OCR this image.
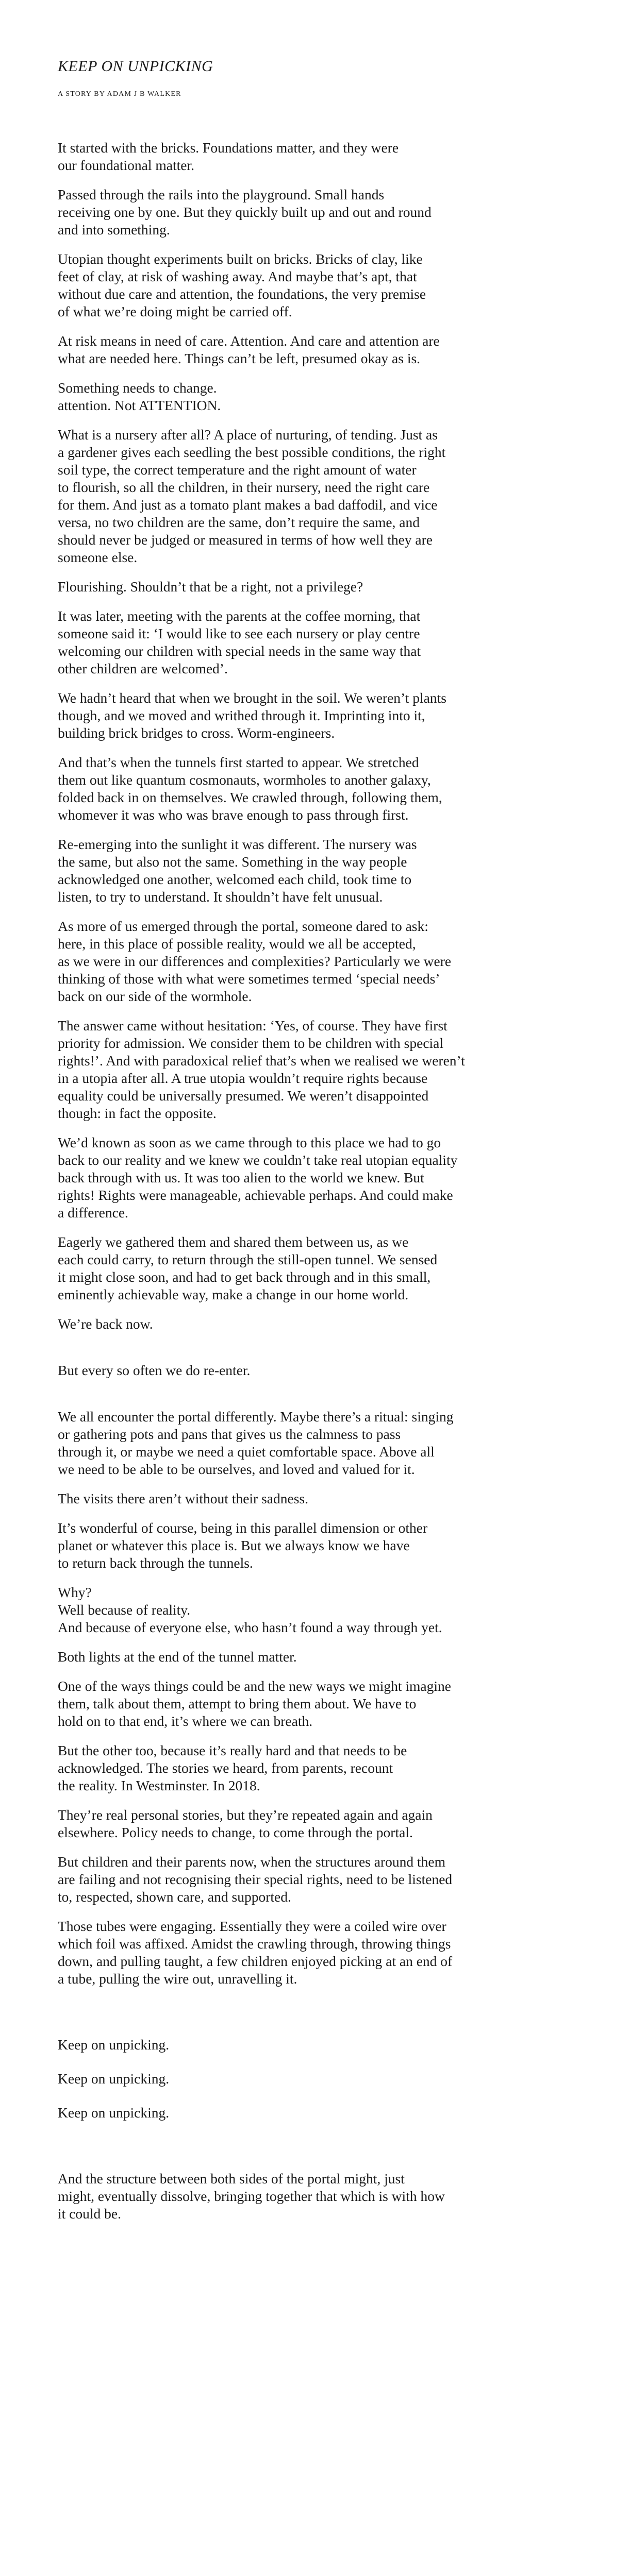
KEEP ON UNPICKING
A STORY BY ADAM J B WALKER

It started with the bricks. Foundations matter, and they were
our foundational matter.

Passed through the rails into the playground. Small hands
receiving one by one. But they quickly built up and out and round
and into something.

Utopian thought experiments built on bricks. Bricks of clay, like
feet of clay, at risk of washing away. And maybe that’s apt, that
without due care and attention, the foundations, the very premise
of what we’re doing might be carried off.

At risk means in need of care. Attention. And care and attention are
what are needed here. Things can’t be left, presumed okay as is.

Something needs to change.
attention. Not ATTENTION.

What is a nursery after all? A place of nurturing, of tending. Just as
a gardener gives each seedling the best possible conditions, the right
soil type, the correct temperature and the right amount of water
to flourish, so all the children, in their nursery, need the right care
for them. And just as a tomato plant makes a bad daffodil, and vice
versa, no two children are the same, don’t require the same, and
should never be judged or measured in terms of how well they are
someone else.

Flourishing. Shouldn’t that be a right, not a privilege?

It was later, meeting with the parents at the coffee morning, that
someone said it: ‘I would like to see each nursery or play centre
welcoming our children with special needs in the same way that
other children are welcomed’.

We hadn’t heard that when we brought in the soil. We weren’t plants
though, and we moved and writhed through it. Imprinting into it,
building brick bridges to cross. Worm-engineers.

And that’s when the tunnels first started to appear. We stretched
them out like quantum cosmonauts, wormholes to another galaxy,
folded back in on themselves. We crawled through, following them,
whomever it was who was brave enough to pass through first.

Re-emerging into the sunlight it was different. The nursery was
the same, but also not the same. Something in the way people
acknowledged one another, welcomed each child, took time to
listen, to try to understand. It shouldn’t have felt unusual.

As more of us emerged through the portal, someone dared to ask:
here, in this place of possible reality, would we all be accepted,
as we were in our differences and complexities? Particularly we were
thinking of those with what were sometimes termed ‘special needs’
back on our side of the wormhole.

The answer came without hesitation: ‘Yes, of course. They have first
priority for admission. We consider them to be children with special
rights!’. And with paradoxical relief that’s when we realised we weren’t
in a utopia after all. A true utopia wouldn’t require rights because
equality could be universally presumed. We weren’t disappointed
though: in fact the opposite.

We’d known as soon as we came through to this place we had to go
back to our reality and we knew we couldn’t take real utopian equality
back through with us. It was too alien to the world we knew. But
rights! Rights were manageable, achievable perhaps. And could make
a difference.

Eagerly we gathered them and shared them between us, as we
each could carry, to return through the still-open tunnel. We sensed
it might close soon, and had to get back through and in this small,
eminently achievable way, make a change in our home world.

We’re back now.

But every so often we do re-enter.

We all encounter the portal differently. Maybe there’s a ritual: singing
or gathering pots and pans that gives us the calmness to pass
through it, or maybe we need a quiet comfortable space. Above all
we need to be able to be ourselves, and loved and valued for it.

The visits there aren’t without their sadness.

It’s wonderful of course, being in this parallel dimension or other
planet or whatever this place is. But we always know we have
to return back through the tunnels.

Why?
Well because of reality.
And because of everyone else, who hasn’t found a way through yet.

Both lights at the end of the tunnel matter.

One of the ways things could be and the new ways we might imagine
them, talk about them, attempt to bring them about. We have to
hold on to that end, it’s where we can breath.

But the other too, because it’s really hard and that needs to be
acknowledged. The stories we heard, from parents, recount
the reality. In Westminster. In 2018.

They’re real personal stories, but they’re repeated again and again
elsewhere. Policy needs to change, to come through the portal.

But children and their parents now, when the structures around them
are failing and not recognising their special rights, need to be listened
to, respected, shown care, and supported.

Those tubes were engaging. Essentially they were a coiled wire over
which foil was affixed. Amidst the crawling through, throwing things
down, and pulling taught, a few children enjoyed picking at an end of
a tube, pulling the wire out, unravelling it.

Keep on unpicking.

Keep on unpicking.

Keep on unpicking.

And the structure between both sides of the portal might, just
might, eventually dissolve, bringing together that which is with how
it could be.
